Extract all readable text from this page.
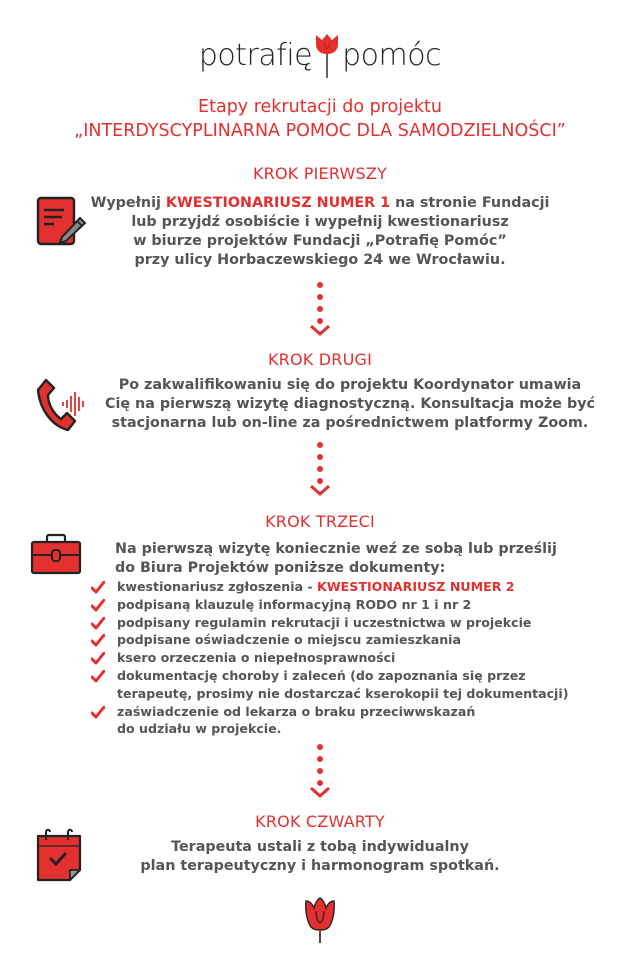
potrafię pomóc
Etapy rekrutacji do projektu
„INTERDYSCYPLINARNA POMOC DLA SAMODZIELNOŚCI”
KROK PIERWSZY
Wypełnij KWESTIONARIUSZ NUMER 1 na stronie Fundacji
lub przyjdź osobiście i wypełnij kwestionariusz
w biurze projektów Fundacji „Potrafię Pomóc”
przy ulicy Horbaczewskiego 24 we Wrocławiu.
KROK DRUGI
Po zakwalifikowaniu się do projektu Koordynator umawia
Cię na pierwszą wizytę diagnostyczną. Konsultacja może być
stacjonarna lub on-line za pośrednictwem platformy Zoom.
KROK TRZECI
Na pierwszą wizytę koniecznie weź ze sobą lub prześlij
do Biura Projektów poniższe dokumenty:
kwestionariusz zgłoszenia - KWESTIONARIUSZ NUMER 2
podpisaną klauzulę informacyjną RODO nr 1 i nr 2
podpisany regulamin rekrutacji i uczestnictwa w projekcie
podpisane oświadczenie o miejscu zamieszkania
ksero orzeczenia o niepełnosprawności
dokumentację choroby i zaleceń (do zapoznania się przez terapeutę, prosimy nie dostarczać kserokopii tej dokumentacji)
zaświadczenie od lekarza o braku przeciwwskazań do udziału w projekcie.
KROK CZWARTY
Terapeuta ustali z tobą indywidualny
plan terapeutyczny i harmonogram spotkań.
